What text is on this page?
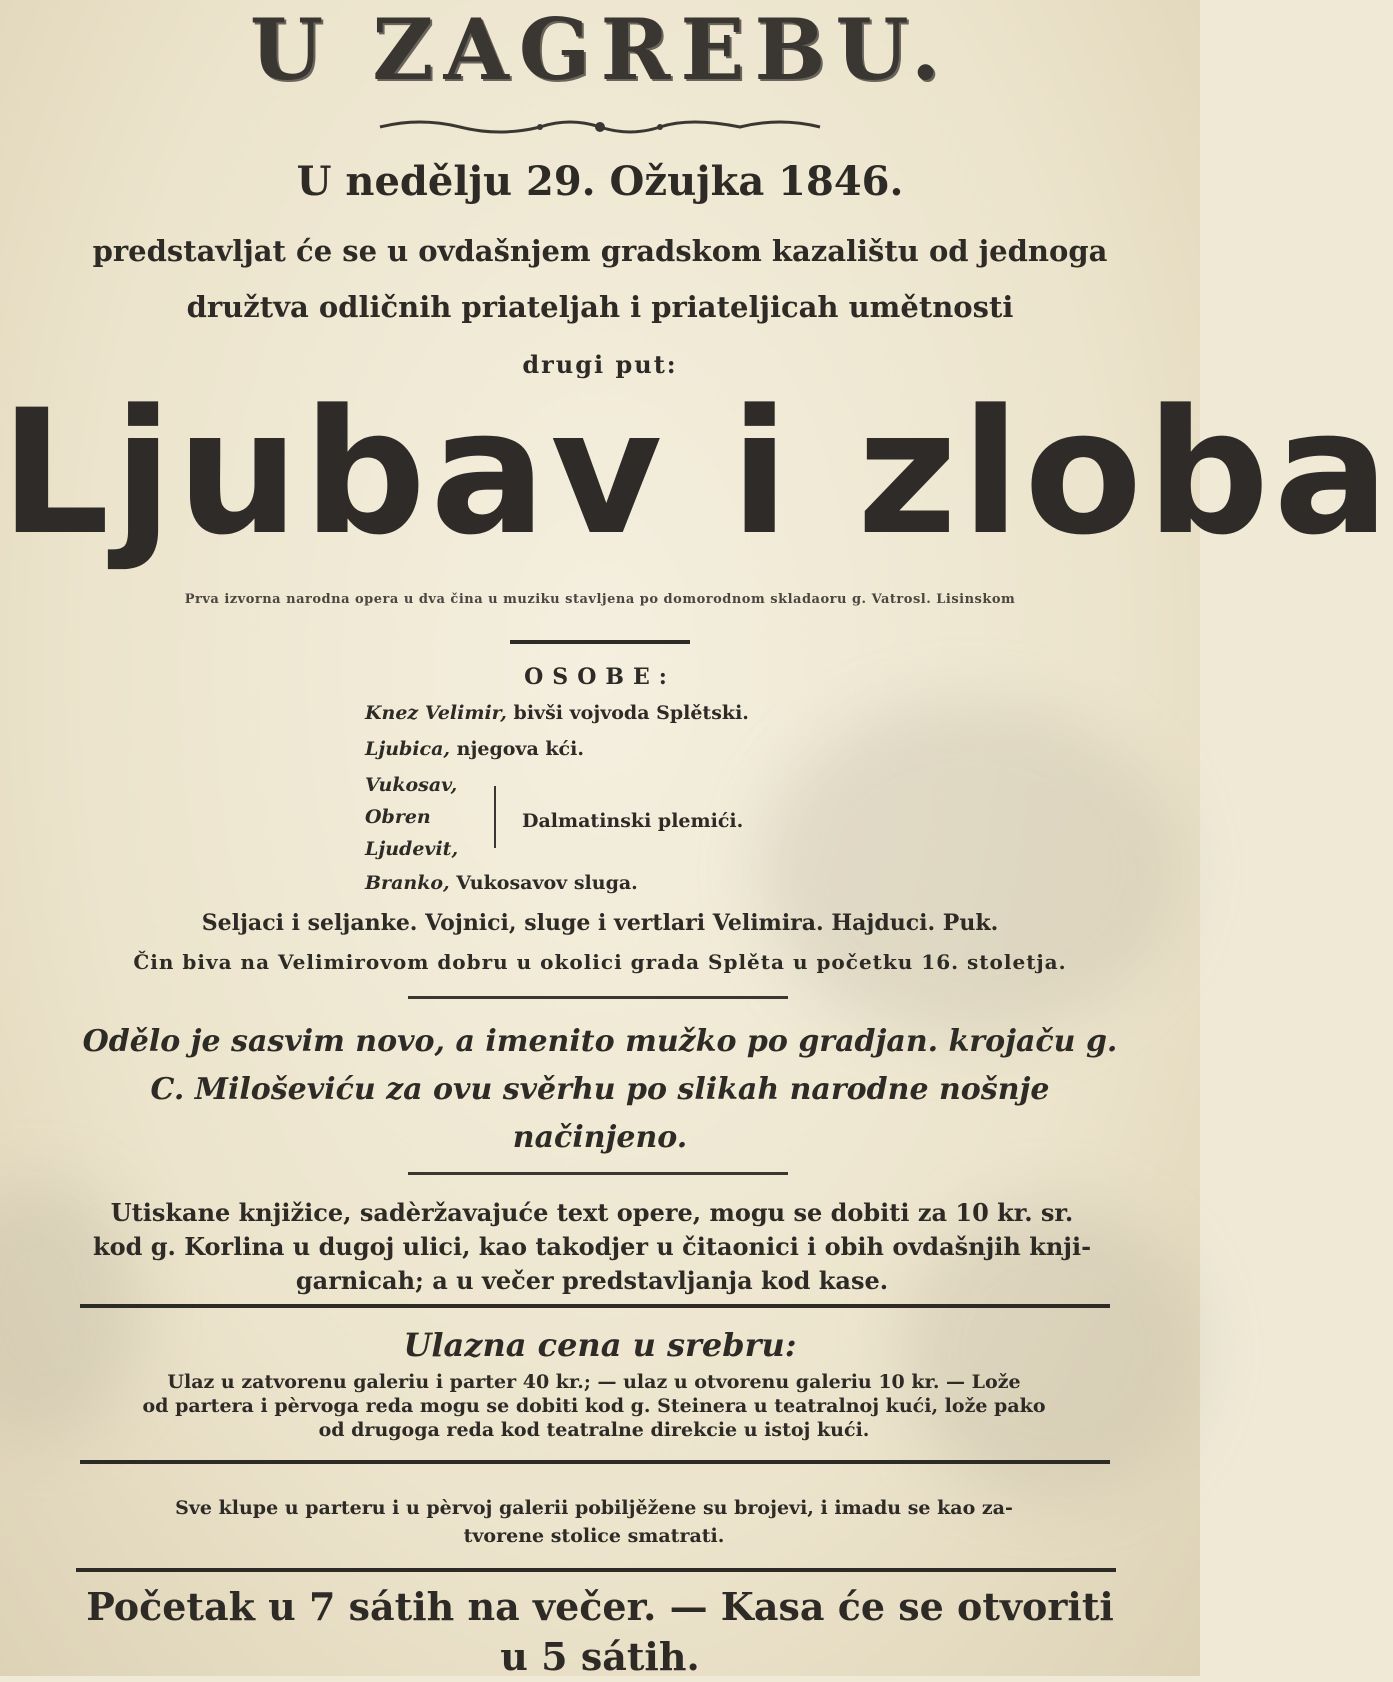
U ZAGREBU.
U nedělju 29. Ožujka 1846.
predstavljat će se u ovdašnjem gradskom kazalištu od jednoga
družtva odličnih priateljah i priateljicah umětnosti
drugi put:
Ljubav i zloba
Prva izvorna narodna opera u dva čina u muziku stavljena po domorodnom skladaoru g. Vatrosl. Lisinskom
OSOBE:
Knez Velimir, bivši vojvoda Splětski.
Ljubica, njegova kći.
Vukosav,
Obren
Ljudevit,
Dalmatinski plemići.
Branko, Vukosavov sluga.
Seljaci i seljanke. Vojnici, sluge i vertlari Velimira. Hajduci. Puk.
Čin biva na Velimirovom dobru u okolici grada Splěta u početku 16. stoletja.
Odělo je sasvim novo, a imenito mužko po gradjan. krojaču g. C. Miloševiću za ovu svěrhu po slikah narodne nošnje načinjeno.
Utiskane knjižice, sadèržavajuće text opere, mogu se dobiti za 10 kr. sr.
kod g. Korlina u dugoj ulici, kao takodjer u čitaonici i obih ovdašnjih knji-
garnicah; a u večer predstavljanja kod kase.
Ulazna cena u srebru:
Ulaz u zatvorenu galeriu i parter 40 kr.; — ulaz u otvorenu galeriu 10 kr. — Lože
od partera i pèrvoga reda mogu se dobiti kod g. Steinera u teatralnoj kući, lože pako
od drugoga reda kod teatralne direkcie u istoj kući.
Sve klupe u parteru i u pèrvoj galerii pobiljěžene su brojevi, i imadu se kao za-
tvorene stolice smatrati.
Početak u 7 sátih na večer. — Kasa će se otvoriti
u 5 sátih.
